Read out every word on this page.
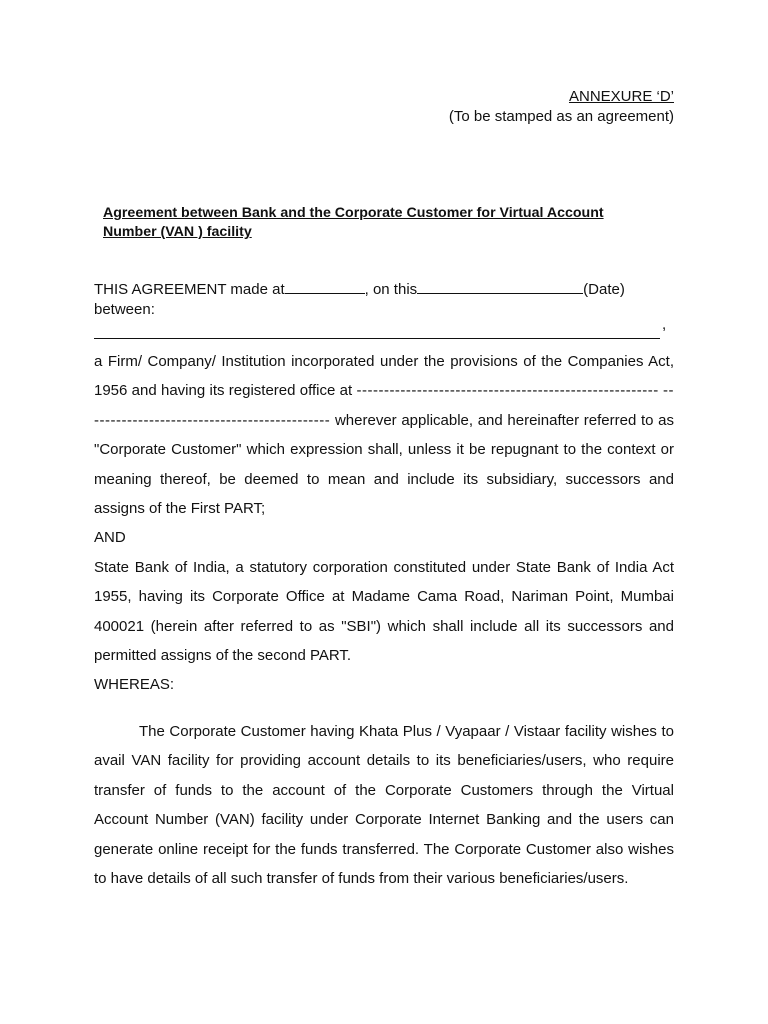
ANNEXURE ‘D’
(To be stamped as an agreement)
Agreement between Bank and the Corporate Customer for Virtual Account Number (VAN ) facility

THIS AGREEMENT made at	, on this	(Date)

between:

,

a Firm/ Company/ Institution incorporated under the provisions of the Companies Act, 1956 and having its registered office at ------------------------------------------------------- --------------------------------------------- wherever applicable, and hereinafter referred to as "Corporate Customer" which expression shall, unless it be repugnant to the context or meaning thereof, be deemed to mean and include its subsidiary, successors and assigns of the First PART;

AND

State Bank of India, a statutory corporation constituted under State Bank of India Act 1955, having its Corporate Office at Madame Cama Road, Nariman Point, Mumbai 400021 (herein after referred to as "SBI") which shall include all its successors and permitted assigns of the second PART.

WHEREAS:

The Corporate Customer having Khata Plus / Vyapaar / Vistaar facility wishes to avail VAN facility for providing account details to its beneficiaries/users, who require transfer of funds to the account of the Corporate Customers through the Virtual Account Number (VAN) facility under Corporate Internet Banking and the users can generate online receipt for the funds transferred. The Corporate Customer also wishes to have details of all such transfer of funds from their various beneficiaries/users.
